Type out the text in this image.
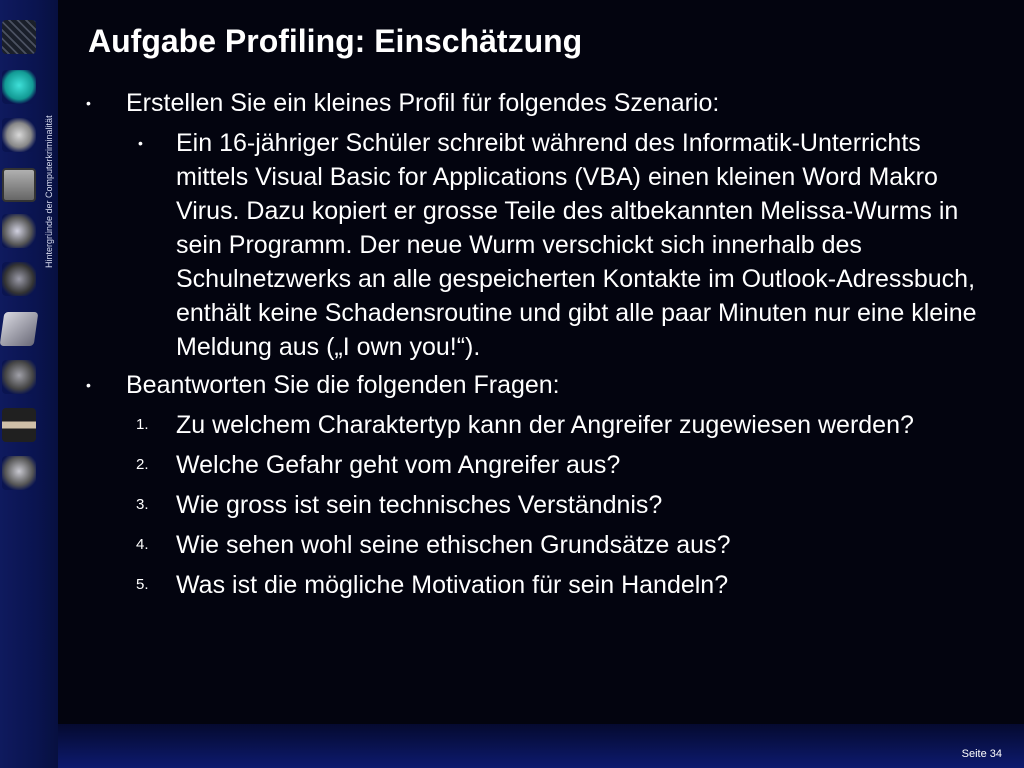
Hintergründe der Computerkriminalität
Aufgabe Profiling: Einschätzung
• Erstellen Sie ein kleines Profil für folgendes Szenario:
• Ein 16-jähriger Schüler schreibt während des Informatik-Unterrichts mittels Visual Basic for Applications (VBA) einen kleinen Word Makro Virus. Dazu kopiert er grosse Teile des altbekannten Melissa-Wurms in sein Programm. Der neue Wurm verschickt sich innerhalb des Schulnetzwerks an alle gespeicherten Kontakte im Outlook-Adressbuch, enthält keine Schadensroutine und gibt alle paar Minuten nur eine kleine Meldung aus („I own you!“).
• Beantworten Sie die folgenden Fragen:
1. Zu welchem Charaktertyp kann der Angreifer zugewiesen werden?
2. Welche Gefahr geht vom Angreifer aus?
3. Wie gross ist sein technisches Verständnis?
4. Wie sehen wohl seine ethischen Grundsätze aus?
5. Was ist die mögliche Motivation für sein Handeln?
Seite 34
